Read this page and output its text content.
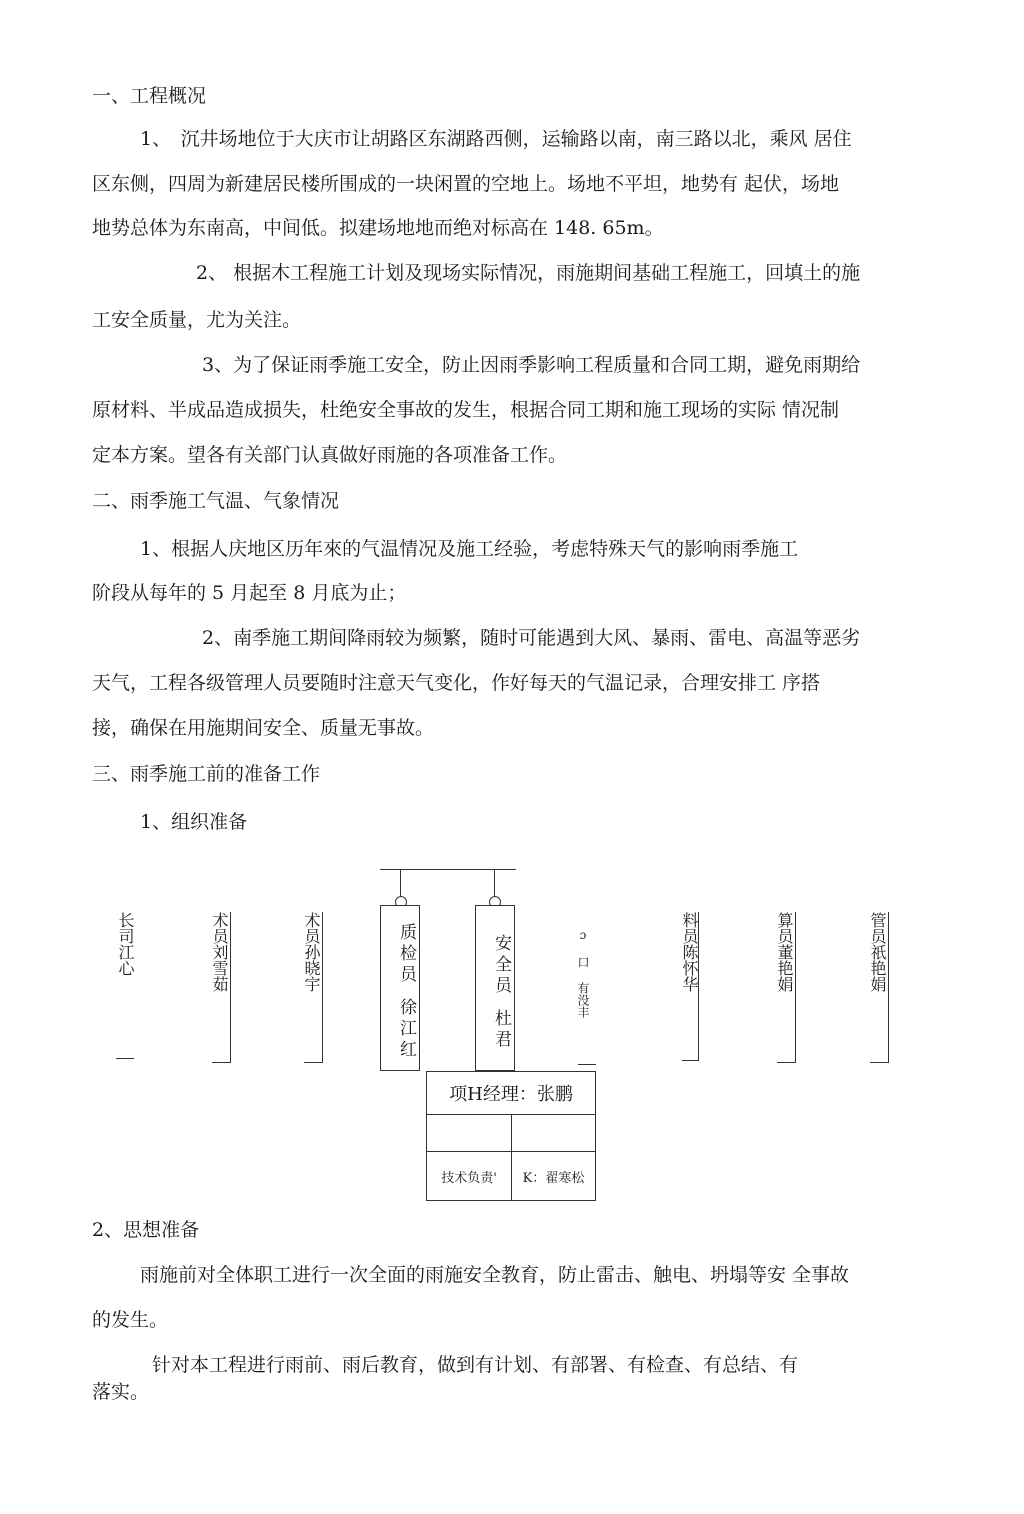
一、工程概况
1、　沉井场地位于大庆市让胡路区东湖路西侧，运输路以南，南三路以北，乘风 居住
区东侧，四周为新建居民楼所围成的一块闲置的空地上。场地不平坦，地势有 起伏，场地
地势总体为东南高，中间低。拟建场地地而绝对标高在 148. 65m。
2、 根据木工程施工计划及现场实际情况，雨施期间基础工程施工，回填土的施
工安全质量，尤为关注。
3、为了保证雨季施工安全，防止因雨季影响工程质量和合同工期，避免雨期给
原材料、半成品造成损失，杜绝安全事故的发生，根据合同工期和施工现场的实际 情况制
定本方案。望各有关部门认真做好雨施的各项准备工作。
二、雨季施工气温、气象情况
1、根据人庆地区历年來的气温情况及施工经验，考虑特殊天气的影响雨季施工
阶段从每年的 5 月起至 8 月底为止；
2、南季施工期间降雨较为频繁，随时可能遇到大风、暴雨、雷电、高温等恶劣
天气，工程各级管理人员要随时注意天气变化，作好每天的气温记录，合理安排工 序搭
接，确保在用施期间安全、质量无事故。
三、雨季施工前的准备工作
1、组织准备
长司江心	术员刘雪茹	术员孙晓宇	质检员
徐江红
安全员
杜君
ɔ 口 有没丰	料员陈怀华	算员董艳娟	管员祇艳娟
项H经理：张鹏	

技术负责'	K：翟寒松
2、思想准备
雨施前对全体职工进行一次全面的雨施安全教育，防止雷击、触电、坍塌等安 全事故
的发生。
针对本工程进行雨前、雨后教育，做到有计划、有部署、有检查、有总结、有
落实。
